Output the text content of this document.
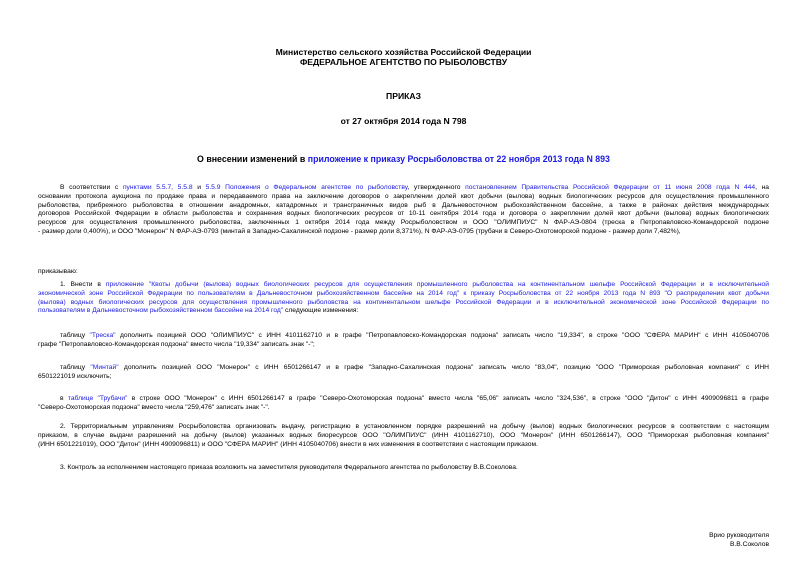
Министерство сельского хозяйства Российской Федерации
ФЕДЕРАЛЬНОЕ АГЕНТСТВО ПО РЫБОЛОВСТВУ
ПРИКАЗ
от 27 октября 2014 года N 798
О внесении изменений в приложение к приказу Росрыболовства от 22 ноября 2013 года N 893
В соответствии с пунктами 5.5.7, 5.5.8 и 5.5.9 Положения о Федеральном агентстве по рыболовству, утвержденного постановлением Правительства Российской Федерации от 11 июня 2008 года N 444, на
основании протокола аукциона по продаже права и передаваемого права на заключение договоров о закреплении долей квот добычи (вылова) водных биологических ресурсов для осуществления промышленного
рыболовства, прибрежного рыболовства в отношении анадромных, катадромных и трансграничных видов рыб в Дальневосточном рыбохозяйственном бассейне, а также в районах действия международных
договоров Российской Федерации в области рыболовства и сохранения водных биологических ресурсов от 10-11 сентября 2014 года и договора о закреплении долей квот добычи (вылова) водных биологических
ресурсов для осуществления промышленного рыболовства, заключенных 1 октября 2014 года между Росрыболовством и ООО "ОЛИМПИУС" N ФАР-АЭ-0804 (треска в Петропавловско-Командорской подзоне
- размер доли 0,400%), и ООО "Монерон" N ФАР-АЭ-0793 (минтай в Западно-Сахалинской подзоне - размер доли 8,371%), N ФАР-АЭ-0795 (трубачи в Северо-Охотоморской подзоне - размер доли 7,482%),
приказываю:
1. Внести в приложение "Квоты добычи (вылова) водных биологических ресурсов для осуществления промышленного рыболовства на континентальном шельфе Российской Федерации и в исключительной
экономической зоне Российской Федерации по пользователям в Дальневосточном рыбохозяйственном бассейне на 2014 год" к приказу Росрыболовства от 22 ноября 2013 года N 893 "О распределении квот добычи
(вылова) водных биологических ресурсов для осуществления промышленного рыболовства на континентальном шельфе Российской Федерации и в исключительной экономической зоне Российской Федерации по
пользователям в Дальневосточном рыбохозяйственном бассейне на 2014 год" следующие изменения:
таблицу "Треска" дополнить позицией ООО "ОЛИМПИУС" с ИНН 4101162710 и в графе "Петропавловско-Командорская подзона" записать число "19,334", в строке "ООО "СФЕРА МАРИН" с ИНН 4105040706
графе "Петропавловско-Командорская подзона" вместо числа "19,334" записать знак "-";
таблицу "Минтай" дополнить позицией ООО "Монерон" с ИНН 6501266147 и в графе "Западно-Сахалинская подзона" записать число "83,04", позицию "ООО "Приморская рыболовная компания" с ИНН
6501221019 исключить;
в таблице "Трубачи" в строке ООО "Монерон" с ИНН 6501266147 в графе "Северо-Охотоморская подзона" вместо числа "65,06" записать число "324,536", в строке "ООО "Дитон" с ИНН 4909096811 в графе
"Северо-Охотоморская подзона" вместо числа "259,476" записать знак "-".
2. Территориальным управлениям Росрыболовства организовать выдачу, регистрацию в установленном порядке разрешений на добычу (вылов) водных биологических ресурсов в соответствии с настоящим
приказом, в случае выдачи разрешений на добычу (вылов) указанных водных биоресурсов ООО "ОЛИМПИУС" (ИНН 4101162710), ООО "Монерон" (ИНН 6501266147), ООО "Приморская рыболовная компания"
(ИНН 6501221019), ООО "Дитон" (ИНН 4909096811) и ООО "СФЕРА МАРИН" (ИНН 4105040706) внести в них изменения в соответствии с настоящим приказом.
3. Контроль за исполнением настоящего приказа возложить на заместителя руководителя Федерального агентства по рыболовству В.В.Соколова.
Врио руководителя
В.В.Соколов
